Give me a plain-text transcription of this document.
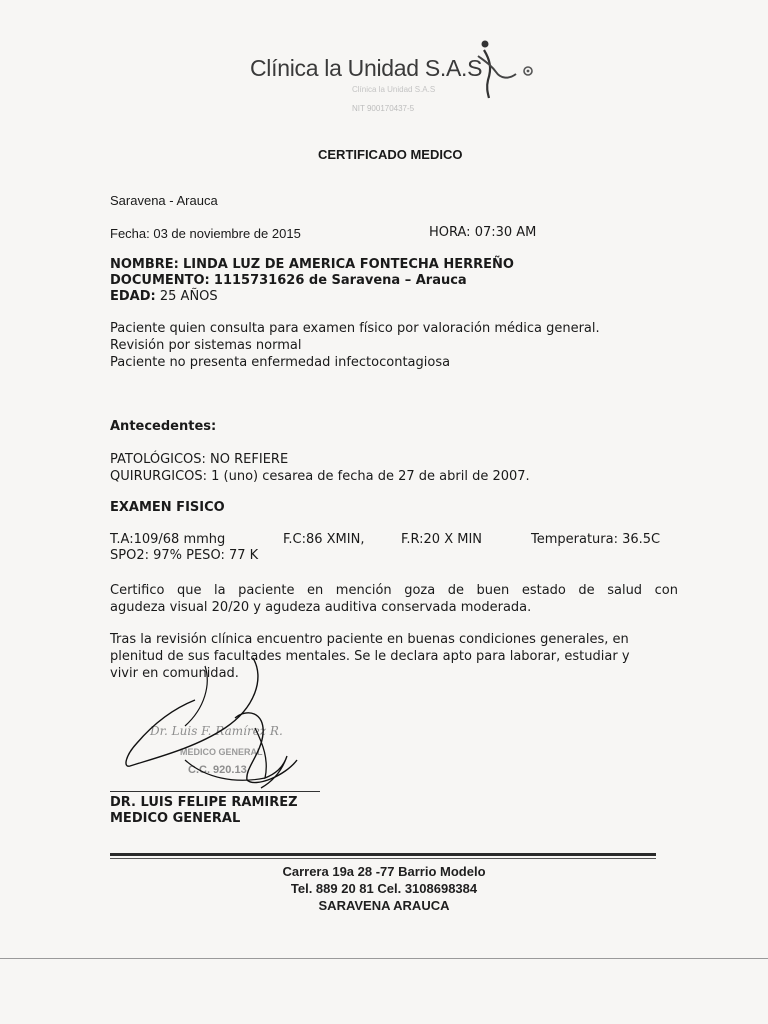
Clínica la Unidad S.A.S
Clínica la Unidad S.A.S
NIT 900170437-5
CERTIFICADO MEDICO
Saravena - Arauca
Fecha: 03 de noviembre de 2015	HORA: 07:30 AM
NOMBRE: LINDA LUZ DE AMERICA FONTECHA HERREÑO
DOCUMENTO: 1115731626 de Saravena – Arauca
EDAD: 25 AÑOS
Paciente quien consulta para examen físico por valoración médica general.
Revisión por sistemas normal
Paciente no presenta enfermedad infectocontagiosa
Antecedentes:
PATOLÓGICOS: NO REFIERE
QUIRURGICOS: 1 (uno) cesarea de fecha de 27 de abril de 2007.
EXAMEN FISICO
T.A:109/68 mmhg	F.C:86 XMIN,	F.R:20 X MIN	Temperatura: 36.5C
SPO2: 97% PESO: 77 K
Certifico que la paciente en mención goza de buen estado de salud con
agudeza visual 20/20 y agudeza auditiva conservada moderada.
Tras la revisión clínica encuentro paciente en buenas condiciones generales, en
plenitud de sus facultades mentales. Se le declara apto para laborar, estudiar y
vivir en comunidad.
Dr. Luis F. Ramírez R.
MEDICO GENERAL
C.C. 920.13
DR. LUIS FELIPE RAMIREZ
MEDICO GENERAL
Carrera 19a 28 -77 Barrio Modelo
Tel. 889 20 81 Cel. 3108698384
SARAVENA ARAUCA
